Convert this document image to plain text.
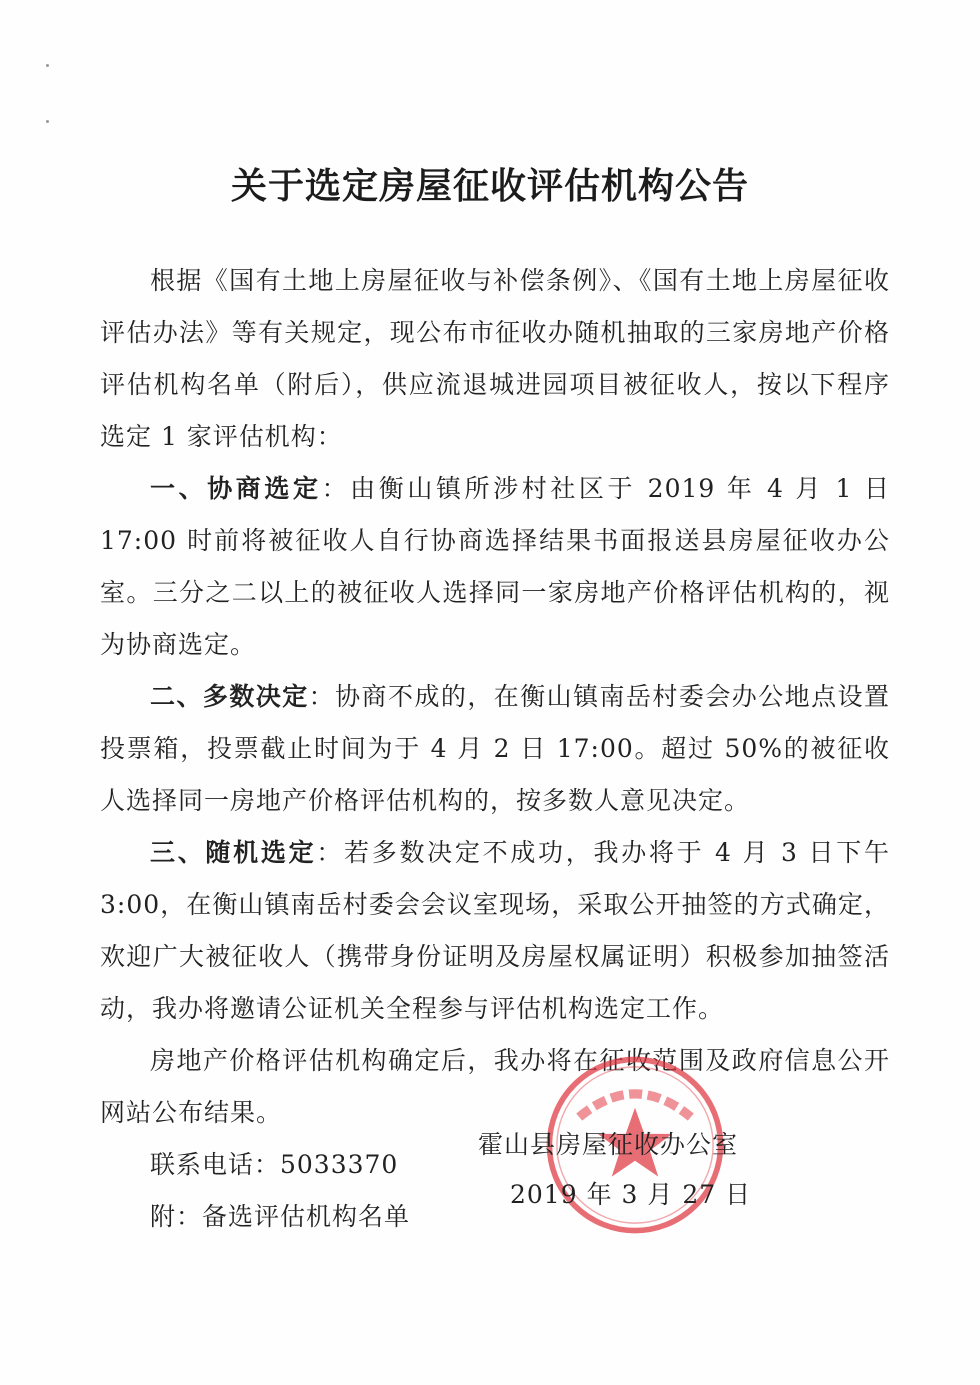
关于选定房屋征收评估机构公告

根据《国有土地上房屋征收与补偿条例》、《国有土地上房屋征收评估办法》等有关规定，现公布市征收办随机抽取的三家房地产价格评估机构名单（附后），供应流退城进园项目被征收人，按以下程序选定 1 家评估机构：

一、协商选定：由衡山镇所涉村社区于 2019 年 4 月 1 日 17:00 时前将被征收人自行协商选择结果书面报送县房屋征收办公室。三分之二以上的被征收人选择同一家房地产价格评估机构的，视为协商选定。

二、多数决定：协商不成的，在衡山镇南岳村委会办公地点设置投票箱，投票截止时间为于 4 月 2 日 17:00。超过 50%的被征收人选择同一房地产价格评估机构的，按多数人意见决定。

三、随机选定：若多数决定不成功，我办将于 4 月 3 日下午 3:00，在衡山镇南岳村委会会议室现场，采取公开抽签的方式确定，欢迎广大被征收人（携带身份证明及房屋权属证明）积极参加抽签活动，我办将邀请公证机关全程参与评估机构选定工作。

房地产价格评估机构确定后，我办将在征收范围及政府信息公开网站公布结果。

联系电话：5033370

附：备选评估机构名单

霍山县房屋征收办公室
2019 年 3 月 27 日
